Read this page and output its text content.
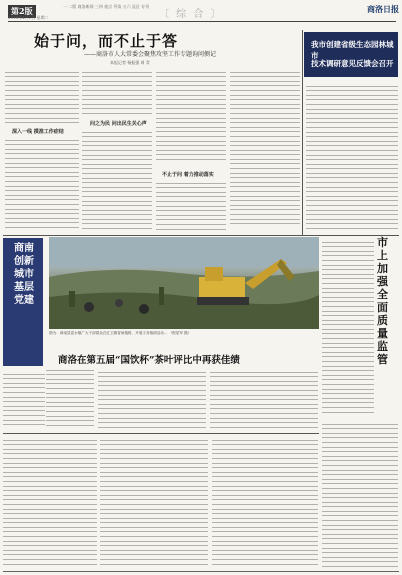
第2版	〔 综 合 〕
2018年4月5日 星期二
一 二版 商洛新闻 三四 视点 导读 五六 县区 专刊	商洛日报
始于问，而不止于答
——商洛市人大常委会聚焦攻坚工作专题询问侧记
本报记者 杨振强 周 青
深入一线 摸准工作症结
问之为民 问出民生关心声
不止于问 着力推动落实
我市创建省级生态园林城市
技术调研意见反馈会召开
商南创新城市基层党建
图为：商南县富水镇广大干部群众在红卫镇冒雨植树，开展义务植树活动... （程星军 摄）
市上加强全面质量监管
商洛在第五届“国饮杯”茶叶评比中再获佳绩
